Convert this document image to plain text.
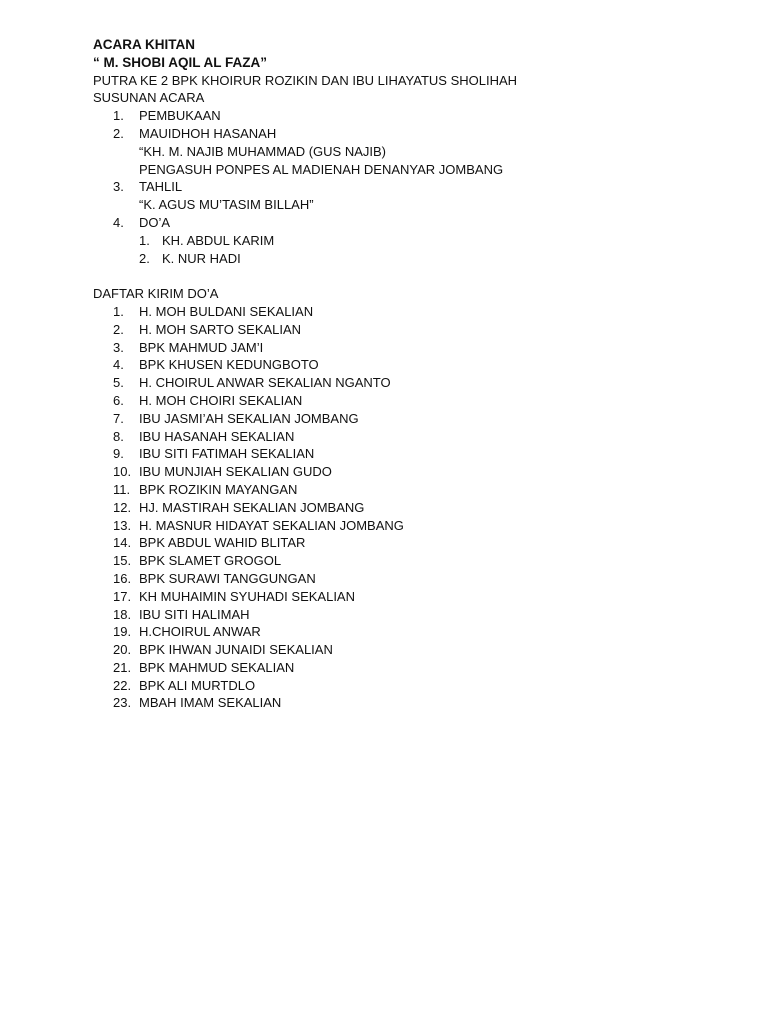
ACARA KHITAN
“ M. SHOBI AQIL AL FAZA”
PUTRA KE 2 BPK KHOIRUR ROZIKIN DAN IBU LIHAYATUS SHOLIHAH
SUSUNAN ACARA
1.	PEMBUKAAN
2.	MAUIDHOH HASANAH
“KH. M. NAJIB MUHAMMAD (GUS NAJIB)
PENGASUH PONPES AL MADIENAH DENANYAR JOMBANG
3.	TAHLIL
“K. AGUS MU’TASIM BILLAH”
4.	DO’A
1. KH. ABDUL KARIM
2. K. NUR HADI
DAFTAR KIRIM DO’A
1.	H. MOH BULDANI SEKALIAN
2.	H. MOH SARTO SEKALIAN
3.	BPK MAHMUD JAM’I
4.	BPK KHUSEN KEDUNGBOTO
5.	H. CHOIRUL ANWAR SEKALIAN NGANTO
6.	H. MOH CHOIRI SEKALIAN
7.	IBU JASMI’AH SEKALIAN JOMBANG
8.	IBU HASANAH SEKALIAN
9.	IBU SITI FATIMAH SEKALIAN
10. IBU MUNJIAH SEKALIAN GUDO
11. BPK ROZIKIN MAYANGAN
12. HJ. MASTIRAH SEKALIAN JOMBANG
13. H. MASNUR HIDAYAT SEKALIAN JOMBANG
14. BPK ABDUL WAHID BLITAR
15. BPK SLAMET GROGOL
16. BPK SURAWI TANGGUNGAN
17. KH MUHAIMIN SYUHADI SEKALIAN
18. IBU SITI HALIMAH
19. H.CHOIRUL ANWAR
20. BPK IHWAN JUNAIDI SEKALIAN
21. BPK MAHMUD SEKALIAN
22. BPK ALI MURTDLO
23. MBAH IMAM SEKALIAN
